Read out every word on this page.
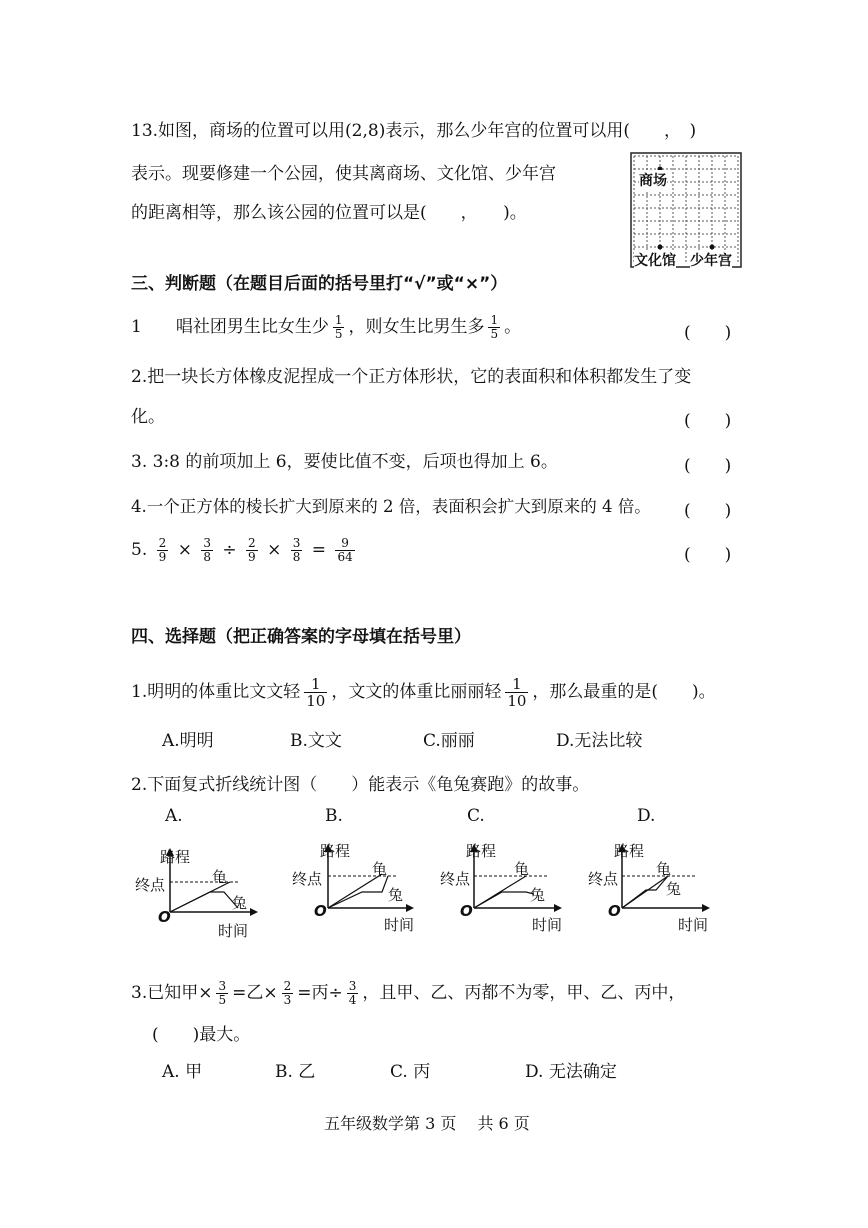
13.如图，商场的位置可以用(2,8)表示，那么少年宫的位置可以用(　　，　)
表示。现要修建一个公园，使其离商场、文化馆、少年宫
的距离相等，那么该公园的位置可以是(　　，　　)。
商场
文化馆 少年宫
三、判断题（在题目后面的括号里打“√”或“×”）
1　　唱社团男生比女生少 $\frac{1}{5}$ ，则女生比男生多 $\frac{1}{5}$ 。	(　　)
2.把一块长方体橡皮泥捏成一个正方体形状，它的表面积和体积都发生了变
化。	(　　)
3. 3:8 的前项加上 6，要使比值不变，后项也得加上 6。	(　　)
4.一个正方体的棱长扩大到原来的 2 倍，表面积会扩大到原来的 4 倍。 (　　)
5. $\frac{2}{9} \times \frac{3}{8} \div \frac{2}{9} \times \frac{3}{8} = \frac{9}{64}$	(　　)
四、选择题（把正确答案的字母填在括号里）
1.明明的体重比文文轻 $\frac{1}{10}$ ，文文的体重比丽丽轻 $\frac{1}{10}$ ，那么最重的是(　　)。
A.明明	B.文文	C.丽丽	D.无法比较
2.下面复式折线统计图（　　）能表示《龟兔赛跑》的故事。
A.	B.	C.	D.
路程
终点	龟
兔
O
时间
路程
终点
龟
兔
O
时间
路程
终点
龟
兔
O
时间
路程
终点
龟
兔
O
时间
3.已知甲× $\frac{3}{5}$ =乙× $\frac{2}{3}$ =丙÷ $\frac{3}{4}$ ，且甲、乙、丙都不为零，甲、乙、丙中，
(　　)最大。
A. 甲	B. 乙	C. 丙	D. 无法确定
五年级数学第 3 页　 共 6 页
